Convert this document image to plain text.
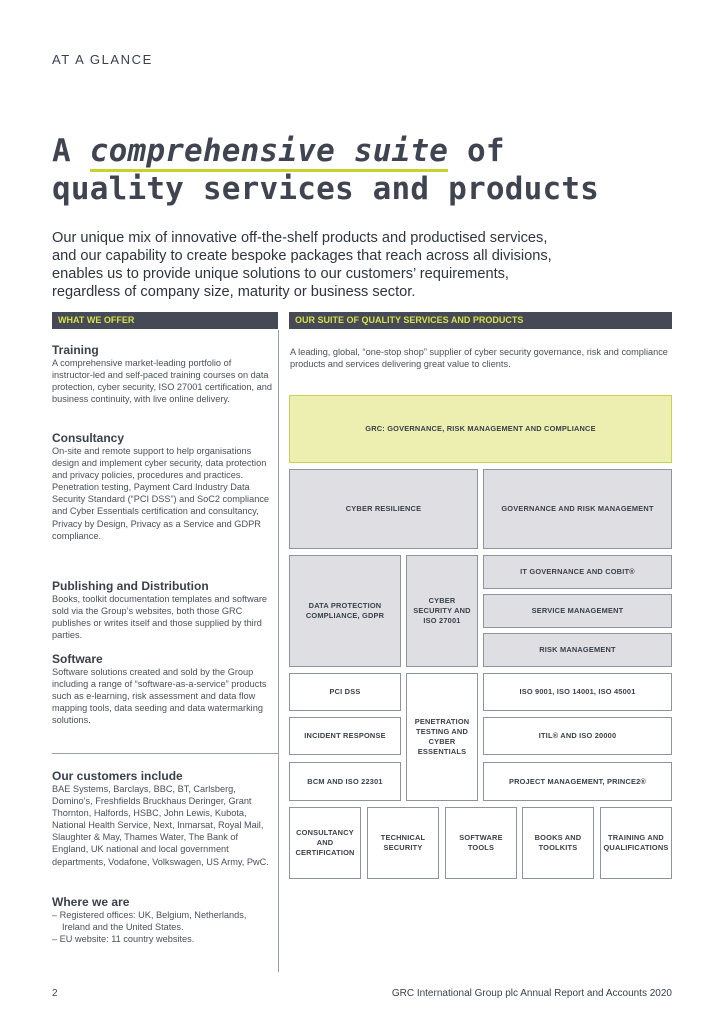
AT A GLANCE
A comprehensive suite of
quality services and products
Our unique mix of innovative off-the-shelf products and productised services, and our capability to create bespoke packages that reach across all divisions, enables us to provide unique solutions to our customers’ requirements, regardless of company size, maturity or business sector.
WHAT WE OFFER
Training

A comprehensive market-leading portfolio of instructor-led and self-paced training courses on data protection, cyber security, ISO 27001 certification, and business continuity, with live online delivery.

Consultancy

On-site and remote support to help organisations design and implement cyber security, data protection and privacy policies, procedures and practices. Penetration testing, Payment Card Industry Data Security Standard (“PCI DSS”) and SoC2 compliance and Cyber Essentials certification and consultancy, Privacy by Design, Privacy as a Service and GDPR compliance.

Publishing and Distribution

Books, toolkit documentation templates and software sold via the Group’s websites, both those GRC publishes or writes itself and those supplied by third parties.

Software

Software solutions created and sold by the Group including a range of “software-as-a-service” products such as e-learning, risk assessment and data flow mapping tools, data seeding and data watermarking solutions.

Our customers include

BAE Systems, Barclays, BBC, BT, Carlsberg, Domino’s, Freshfields Bruckhaus Deringer, Grant Thornton, Halfords, HSBC, John Lewis, Kubota, National Health Service, Next, Inmarsat, Royal Mail, Slaughter & May, Thames Water, The Bank of England, UK national and local government departments, Vodafone, Volkswagen, US Army, PwC.

Where we are
– Registered offices: UK, Belgium, Netherlands, Ireland and the United States.
– EU website: 11 country websites.
OUR SUITE OF QUALITY SERVICES AND PRODUCTS
A leading, global, “one-stop shop” supplier of cyber security governance, risk and compliance products and services delivering great value to clients.
GRC: GOVERNANCE, RISK MANAGEMENT AND COMPLIANCE
CYBER RESILIENCE	GOVERNANCE AND RISK MANAGEMENT
DATA PROTECTION COMPLIANCE, GDPR
CYBER SECURITY AND ISO 27001
IT GOVERNANCE AND COBIT®
SERVICE MANAGEMENT
RISK MANAGEMENT
PCI DSS
PENETRATION TESTING AND CYBER ESSENTIALS
ISO 9001, ISO 14001, ISO 45001
INCIDENT RESPONSE	ITIL® AND ISO 20000
BCM AND ISO 22301	PROJECT MANAGEMENT, PRINCE2®
CONSULTANCY AND CERTIFICATION
TECHNICAL SECURITY
SOFTWARE TOOLS
BOOKS AND TOOLKITS
TRAINING AND QUALIFICATIONS
2	GRC International Group plc Annual Report and Accounts 2020
